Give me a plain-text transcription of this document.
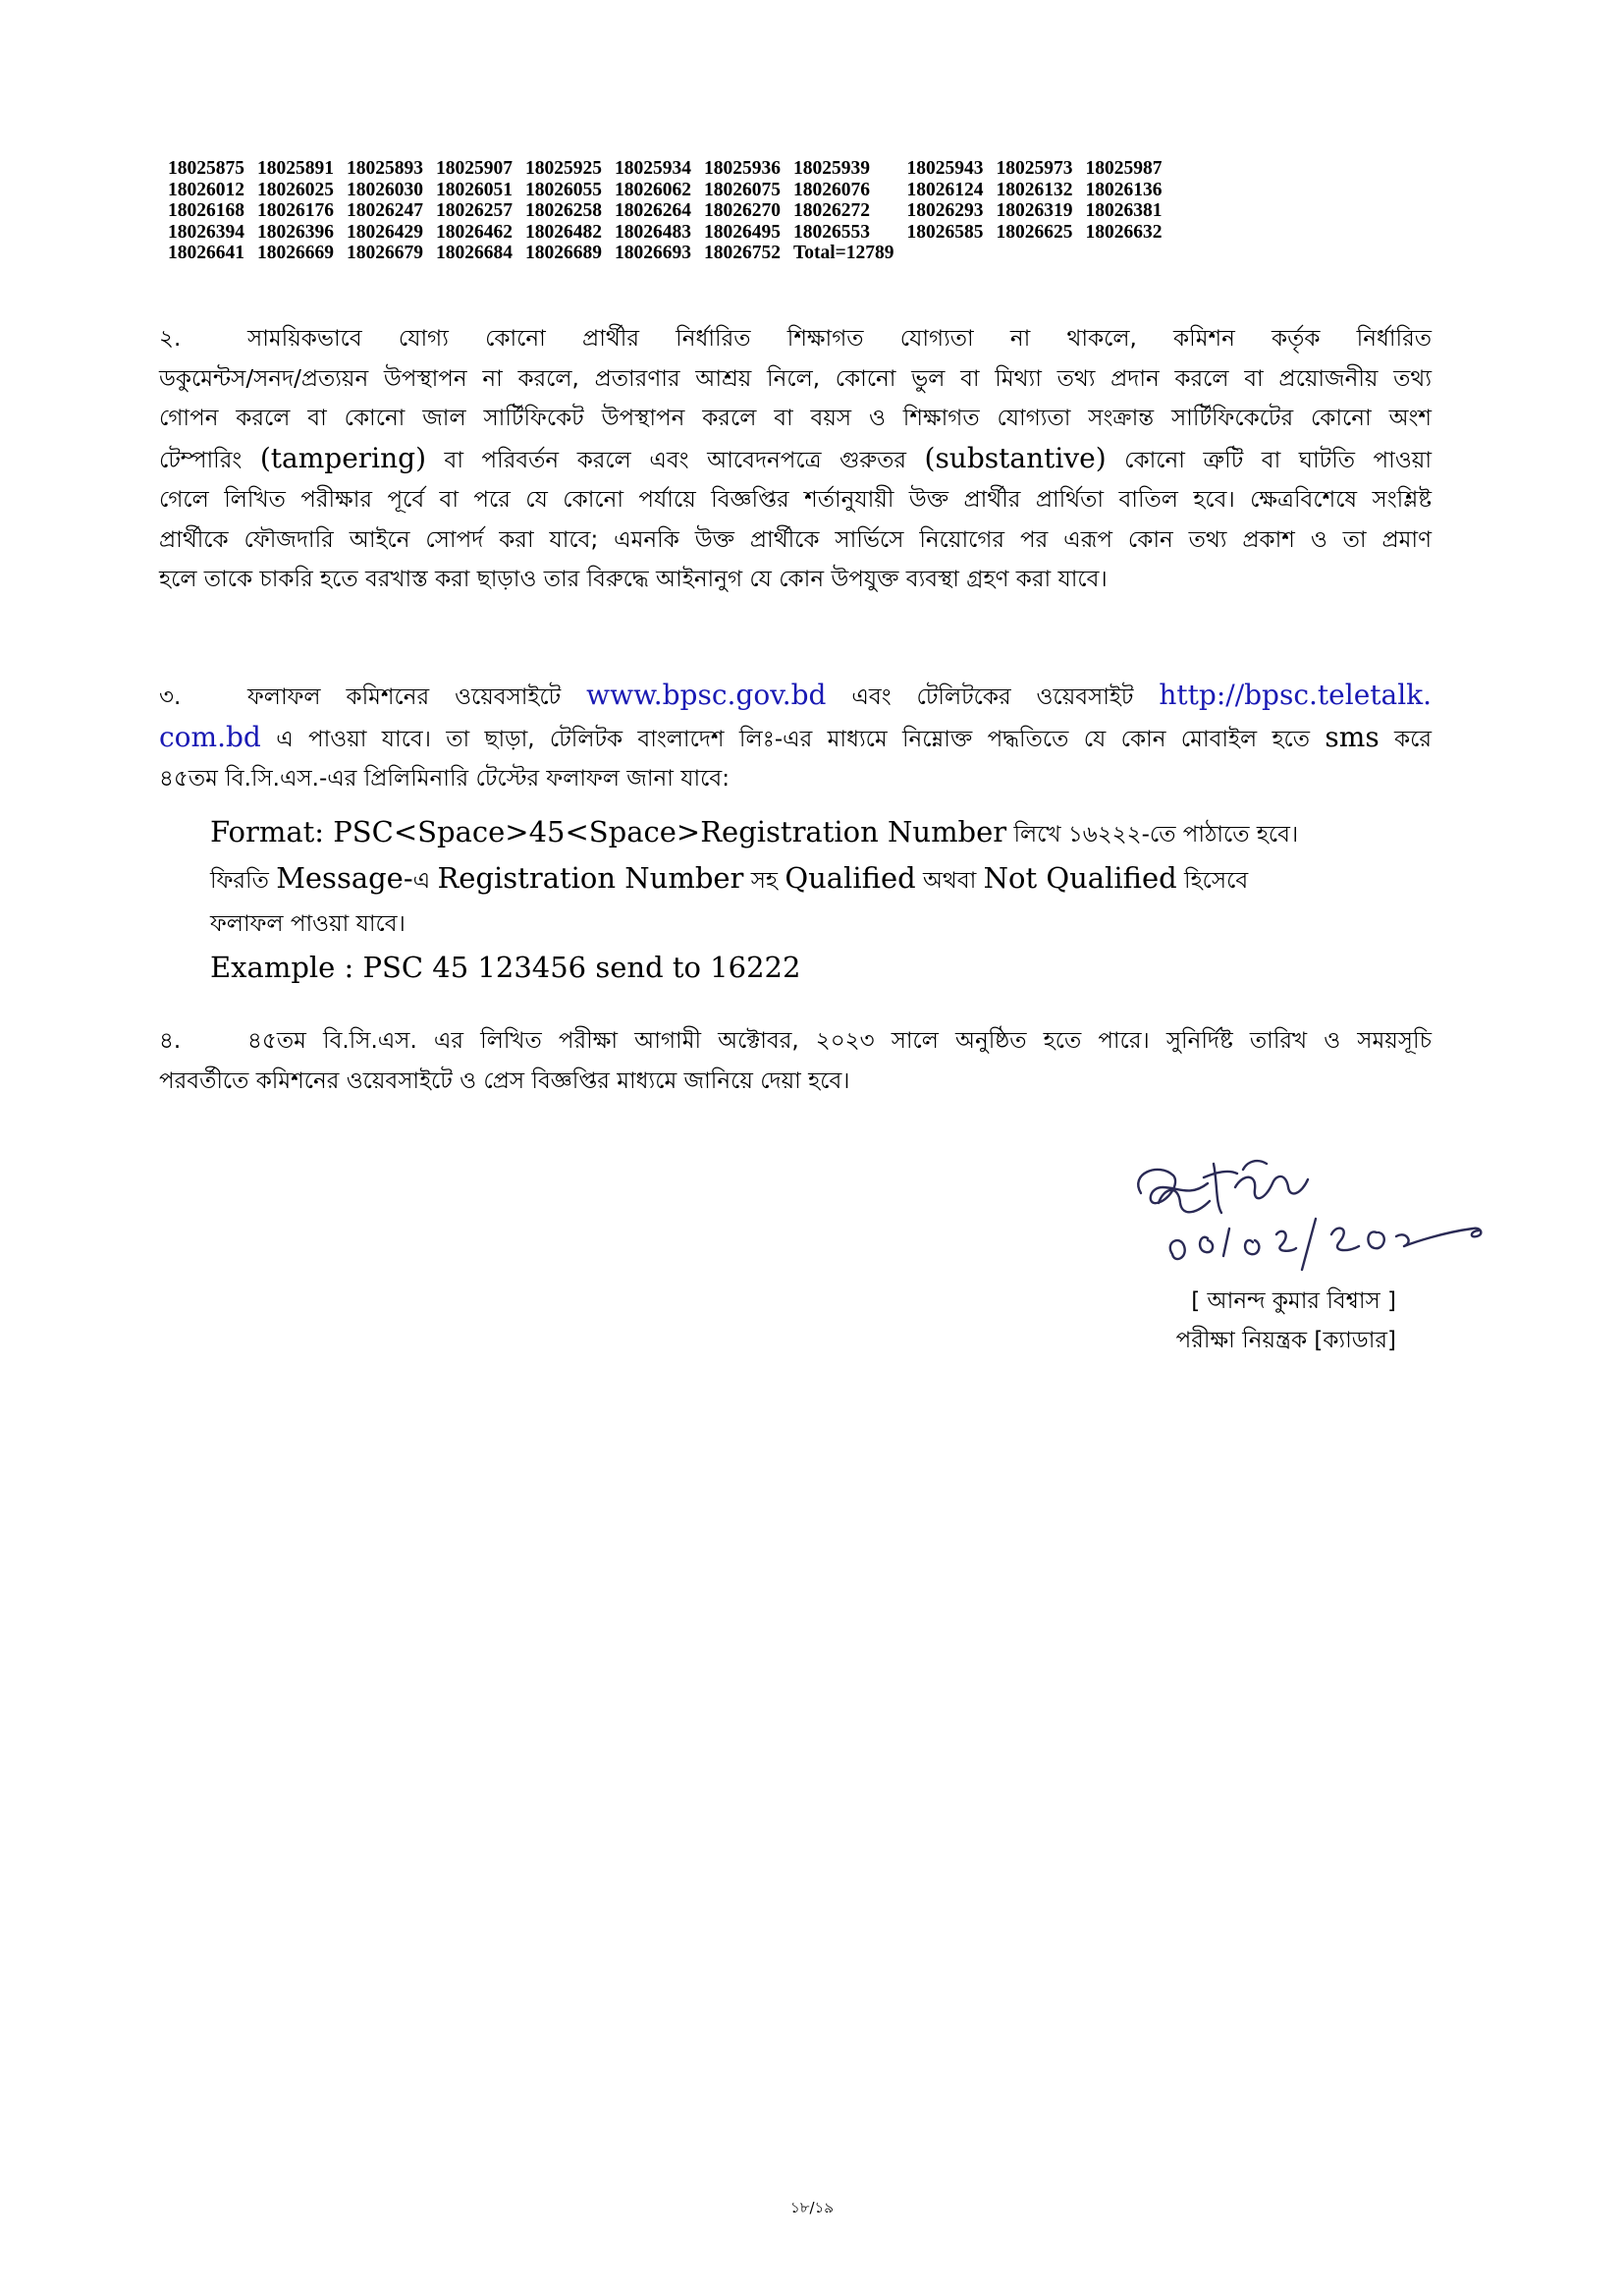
18025875	18025891	18025893	18025907	18025925	18025934	18025936	18025939	18025943	18025973	18025987
18026012	18026025	18026030	18026051	18026055	18026062	18026075	18026076	18026124	18026132	18026136
18026168	18026176	18026247	18026257	18026258	18026264	18026270	18026272	18026293	18026319	18026381
18026394	18026396	18026429	18026462	18026482	18026483	18026495	18026553	18026585	18026625	18026632
18026641	18026669	18026679	18026684	18026689	18026693	18026752	Total=12789			
২.	সাময়িকভাবে যোগ্য কোনো প্রার্থীর নির্ধারিত শিক্ষাগত যোগ্যতা না থাকলে, কমিশন কর্তৃক নির্ধারিত
ডকুমেন্টস/সনদ/প্রত্যয়ন উপস্থাপন না করলে, প্রতারণার আশ্রয় নিলে, কোনো ভুল বা মিথ্যা তথ্য প্রদান করলে বা প্রয়োজনীয় তথ্য
গোপন করলে বা কোনো জাল সার্টিফিকেট উপস্থাপন করলে বা বয়স ও শিক্ষাগত যোগ্যতা সংক্রান্ত সার্টিফিকেটের কোনো অংশ
টেম্পারিং (tampering) বা পরিবর্তন করলে এবং আবেদনপত্রে গুরুতর (substantive) কোনো ত্রুটি বা ঘাটতি পাওয়া
গেলে লিখিত পরীক্ষার পূর্বে বা পরে যে কোনো পর্যায়ে বিজ্ঞপ্তির শর্তানুযায়ী উক্ত প্রার্থীর প্রার্থিতা বাতিল হবে। ক্ষেত্রবিশেষে সংশ্লিষ্ট
প্রার্থীকে ফৌজদারি আইনে সোপর্দ করা যাবে; এমনকি উক্ত প্রার্থীকে সার্ভিসে নিয়োগের পর এরূপ কোন তথ্য প্রকাশ ও তা প্রমাণ
হলে তাকে চাকরি হতে বরখাস্ত করা ছাড়াও তার বিরুদ্ধে আইনানুগ যে কোন উপযুক্ত ব্যবস্থা গ্রহণ করা যাবে।
৩.	ফলাফল কমিশনের ওয়েবসাইটে www.bpsc.gov.bd এবং টেলিটকের ওয়েবসাইট http://bpsc.teletalk.
com.bd এ পাওয়া যাবে। তা ছাড়া, টেলিটক বাংলাদেশ লিঃ-এর মাধ্যমে নিম্নোক্ত পদ্ধতিতে যে কোন মোবাইল হতে sms করে
৪৫তম বি.সি.এস.-এর প্রিলিমিনারি টেস্টের ফলাফল জানা যাবে:
Format: PSC<Space>45<Space>Registration Number লিখে ১৬২২২-তে পাঠাতে হবে।
ফিরতি Message-এ Registration Number সহ Qualified অথবা Not Qualified হিসেবে
ফলাফল পাওয়া যাবে।
Example : PSC 45 123456 send to 16222
৪.	৪৫তম বি.সি.এস. এর লিখিত পরীক্ষা আগামী অক্টোবর, ২০২৩ সালে অনুষ্ঠিত হতে পারে। সুনির্দিষ্ট তারিখ ও সময়সূচি
পরবর্তীতে কমিশনের ওয়েবসাইটে ও প্রেস বিজ্ঞপ্তির মাধ্যমে জানিয়ে দেয়া হবে।
[ আনন্দ কুমার বিশ্বাস ]
পরীক্ষা নিয়ন্ত্রক [ক্যাডার]
১৮/১৯
